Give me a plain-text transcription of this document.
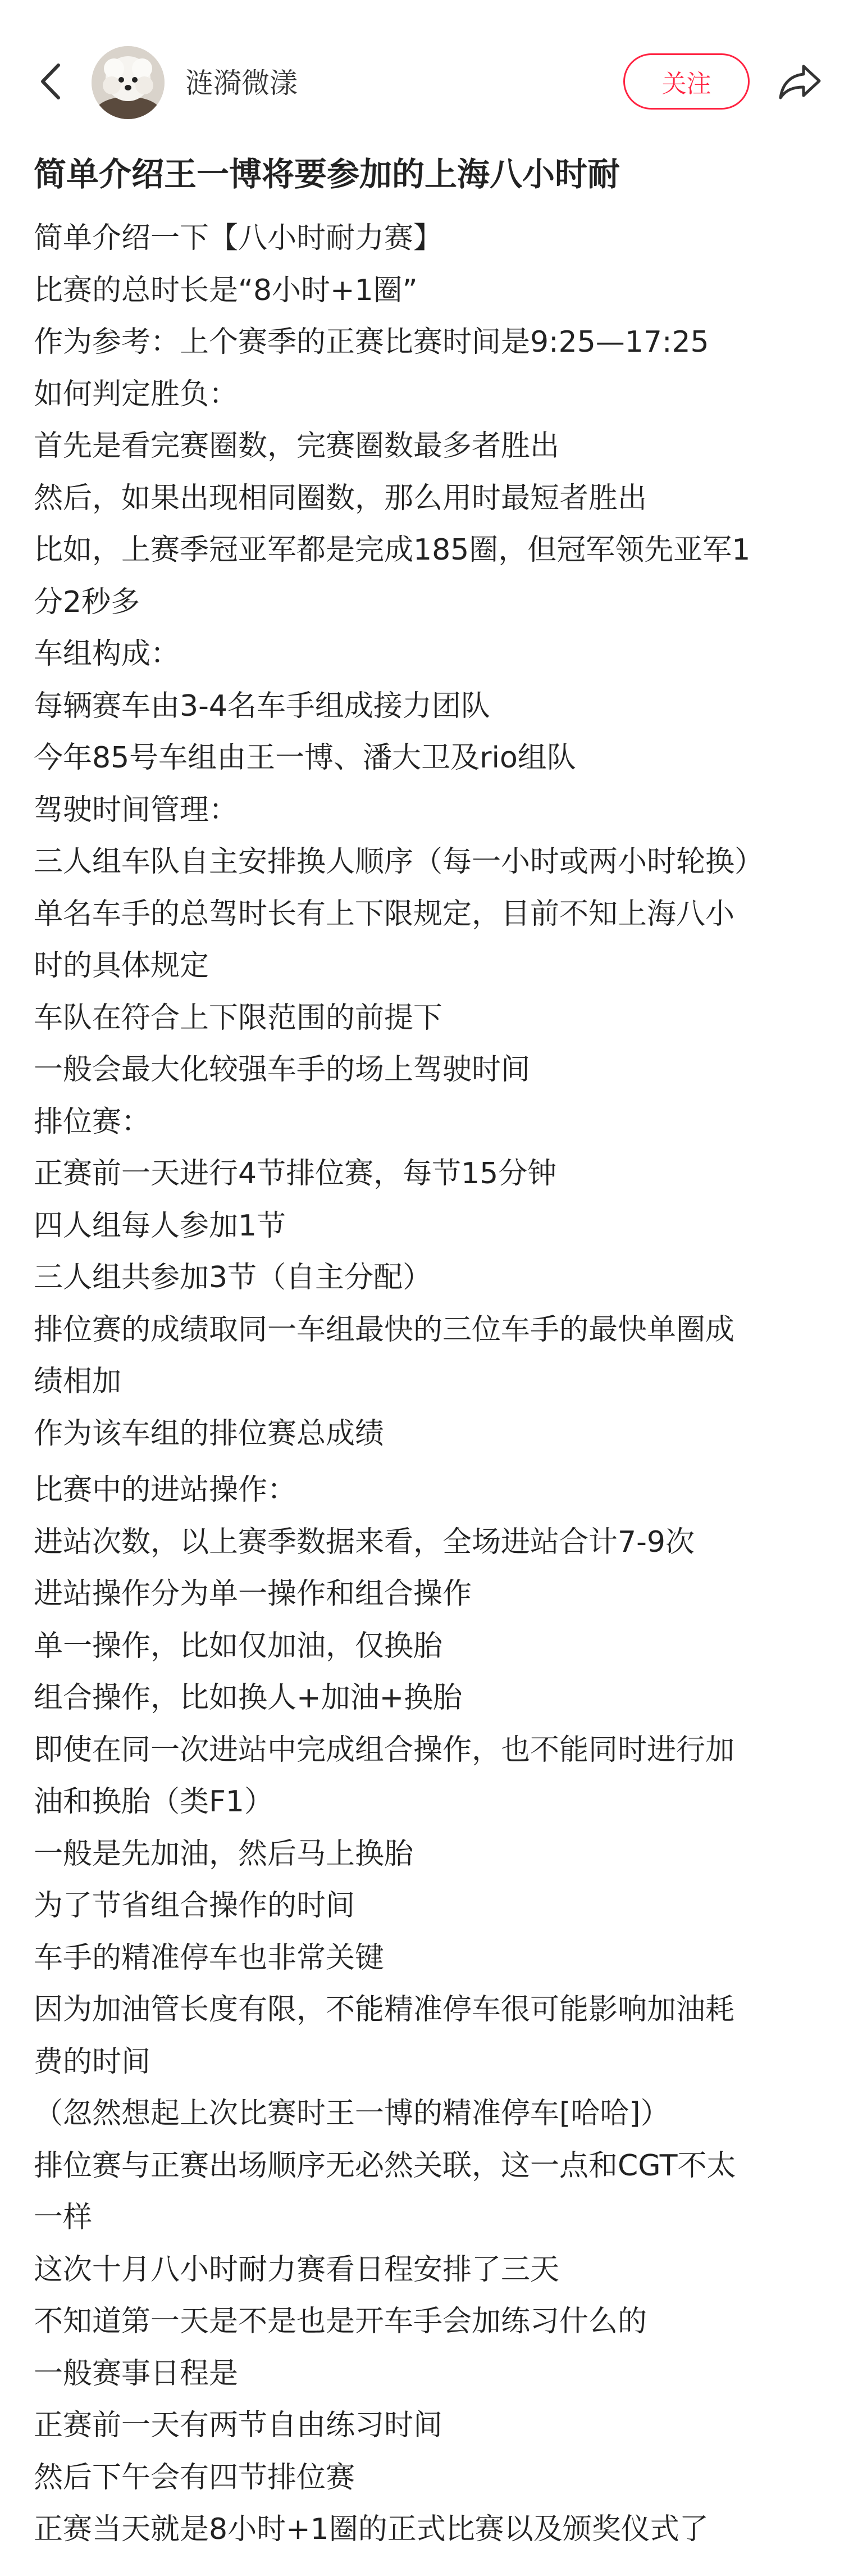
涟漪微漾	关注
简单介绍王一博将要参加的上海八小时耐
简单介绍一下【八小时耐力赛】
比赛的总时长是“8小时+1圈”
作为参考：上个赛季的正赛比赛时间是9:25—17:25
如何判定胜负：
首先是看完赛圈数，完赛圈数最多者胜出
然后，如果出现相同圈数，那么用时最短者胜出
比如，上赛季冠亚军都是完成185圈，但冠军领先亚军1
分2秒多
车组构成：
每辆赛车由3-4名车手组成接力团队
今年85号车组由王一博、潘大卫及rio组队
驾驶时间管理：
三人组车队自主安排换人顺序（每一小时或两小时轮换）
单名车手的总驾时长有上下限规定，目前不知上海八小
时的具体规定
车队在符合上下限范围的前提下
一般会最大化较强车手的场上驾驶时间
排位赛：
正赛前一天进行4节排位赛，每节15分钟
四人组每人参加1节
三人组共参加3节（自主分配）
排位赛的成绩取同一车组最快的三位车手的最快单圈成
绩相加
作为该车组的排位赛总成绩
比赛中的进站操作：
进站次数，以上赛季数据来看，全场进站合计7-9次
进站操作分为单一操作和组合操作
单一操作，比如仅加油，仅换胎
组合操作，比如换人+加油+换胎
即使在同一次进站中完成组合操作，也不能同时进行加
油和换胎（类F1）
一般是先加油，然后马上换胎
为了节省组合操作的时间
车手的精准停车也非常关键
因为加油管长度有限，不能精准停车很可能影响加油耗
费的时间
（忽然想起上次比赛时王一博的精准停车[哈哈]）
排位赛与正赛出场顺序无必然关联，这一点和CGT不太
一样
这次十月八小时耐力赛看日程安排了三天
不知道第一天是不是也是开车手会加练习什么的
一般赛事日程是
正赛前一天有两节自由练习时间
然后下午会有四节排位赛
正赛当天就是8小时+1圈的正式比赛以及颁奖仪式了
